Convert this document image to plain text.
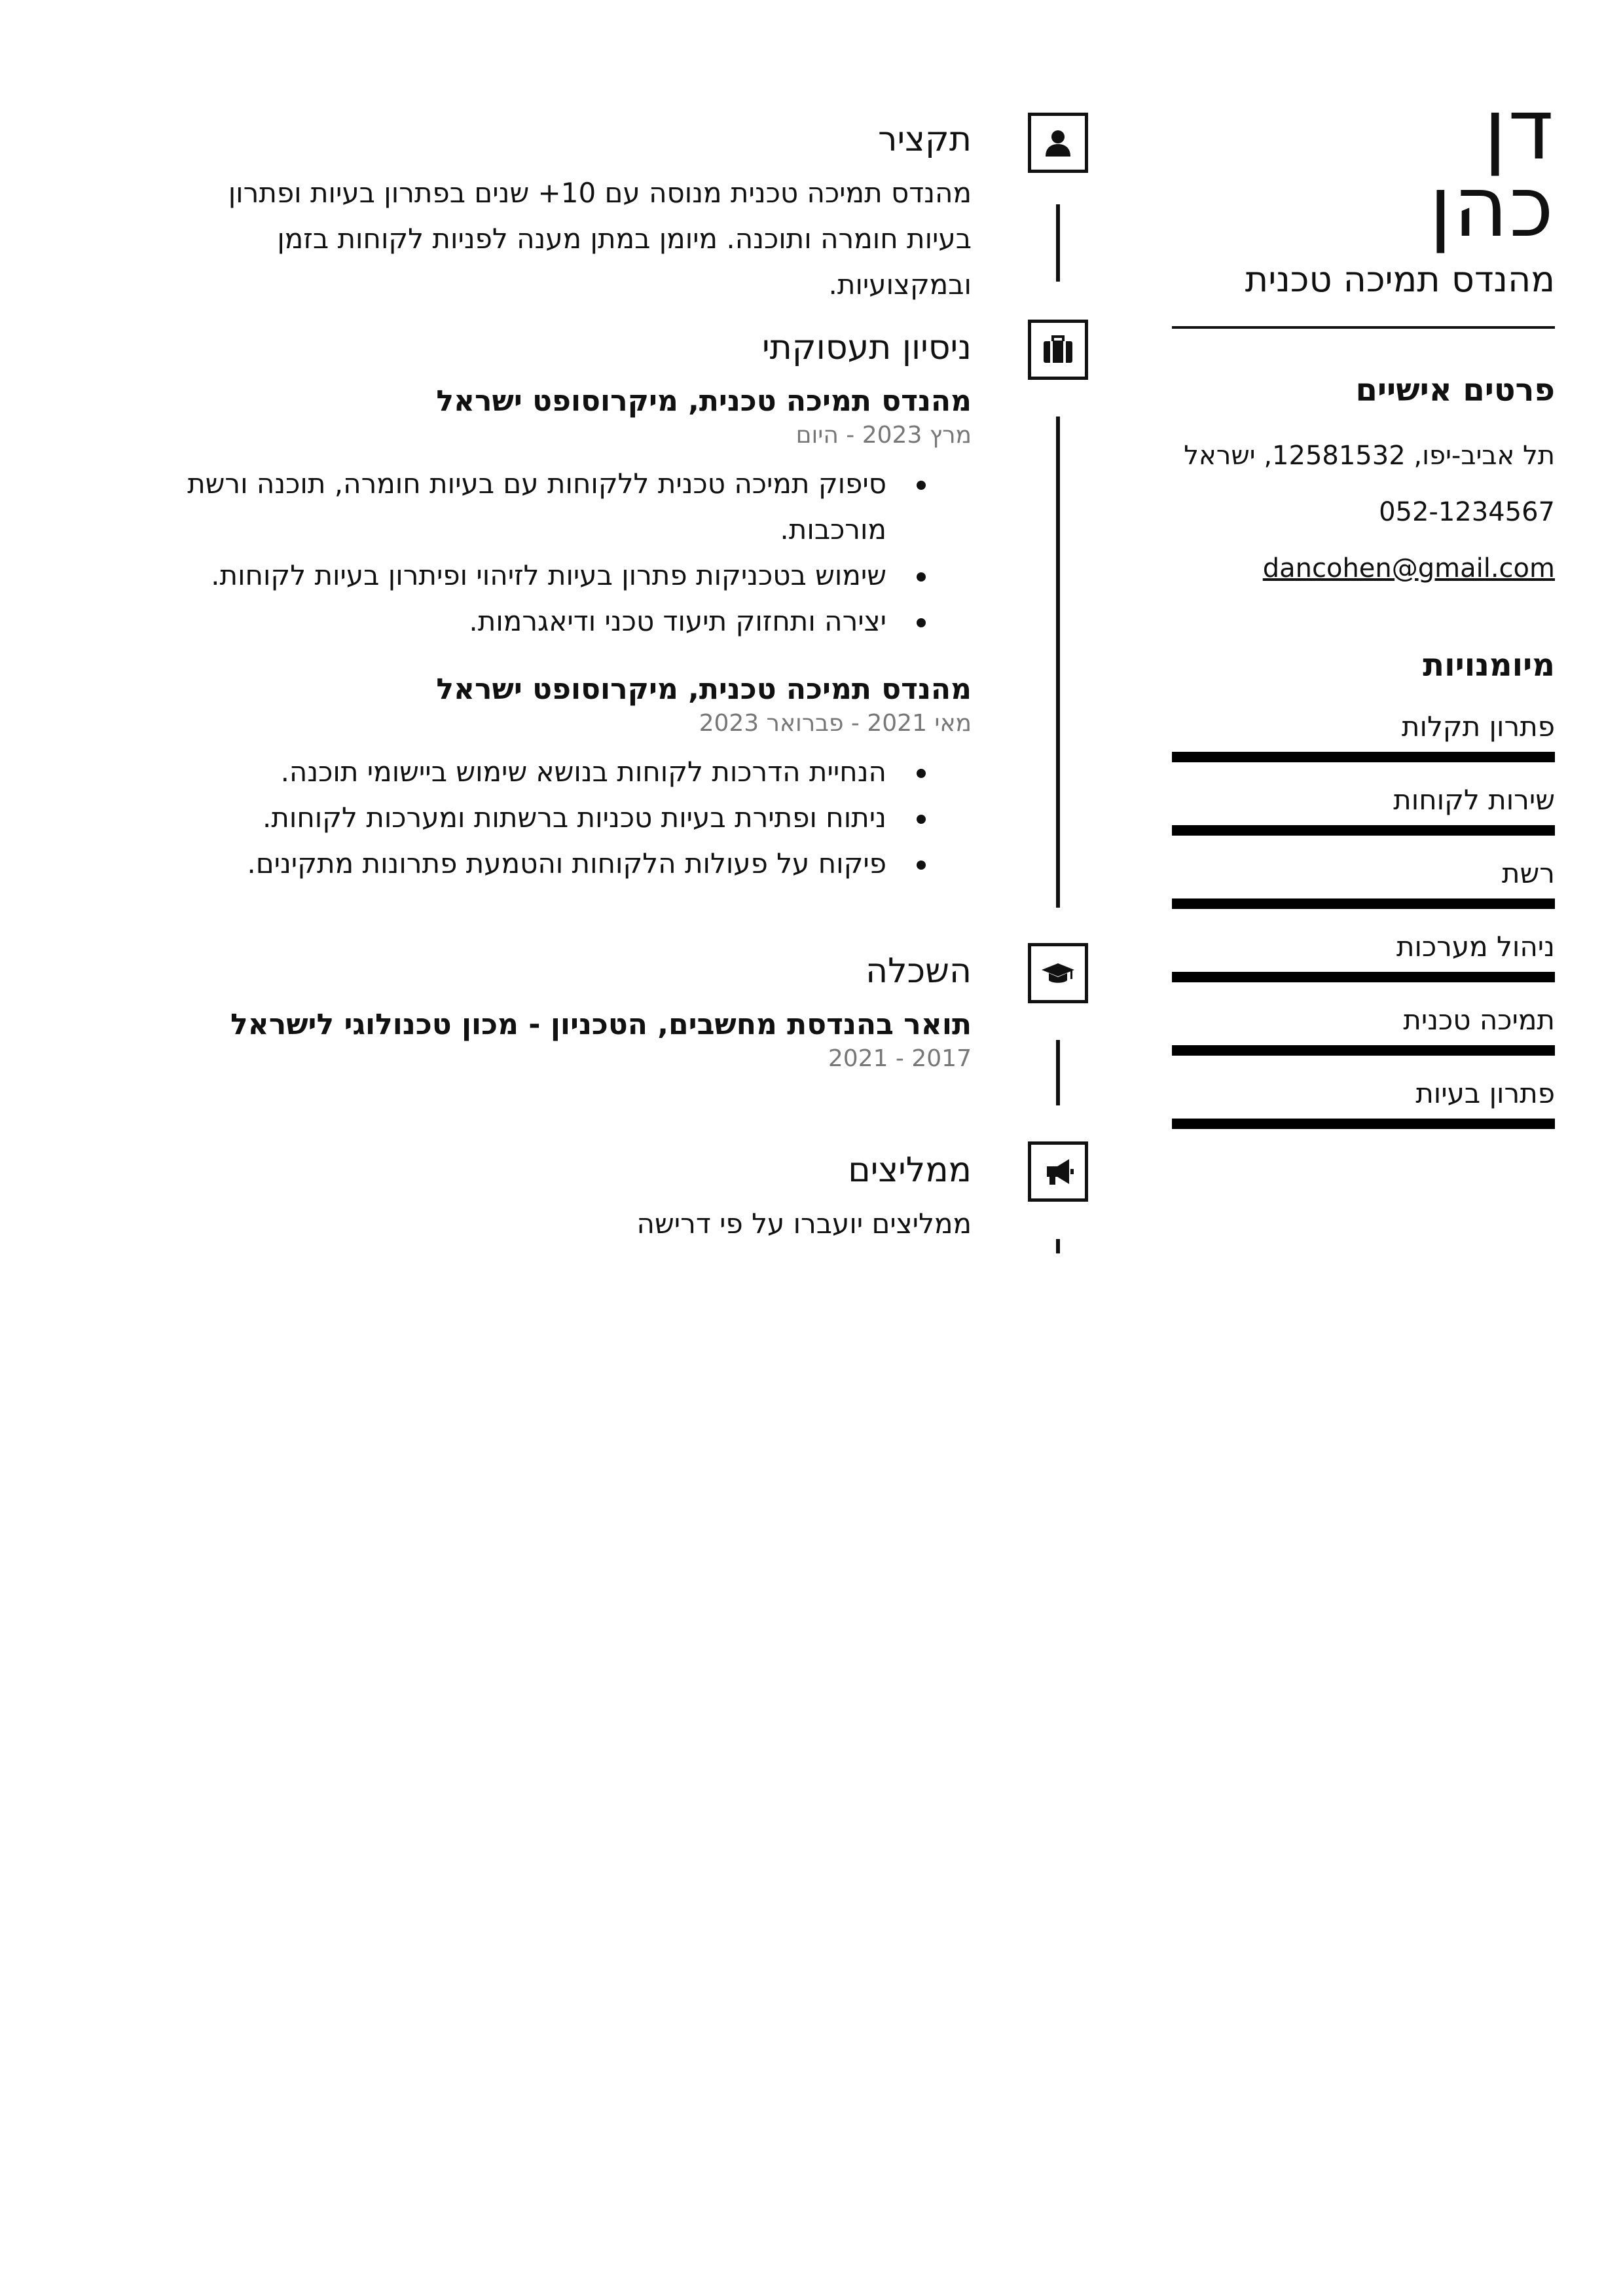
דן
כהן
מהנדס תמיכה טכנית
פרטים אישיים
תל אביב-יפו, 12581532, ישראל
052-1234567
dancohen@gmail.com
מיומנויות
פתרון תקלות
שירות לקוחות
רשת
ניהול מערכות
תמיכה טכנית
פתרון בעיות
תקציר
מהנדס תמיכה טכנית מנוסה עם 10+ שנים בפתרון בעיות ופתרון בעיות חומרה ותוכנה. מיומן במתן מענה לפניות לקוחות בזמן ובמקצועיות.
ניסיון תעסוקתי
מהנדס תמיכה טכנית, מיקרוסופט ישראל
מרץ 2023 - היום
סיפוק תמיכה טכנית ללקוחות עם בעיות חומרה, תוכנה ורשת מורכבות.
שימוש בטכניקות פתרון בעיות לזיהוי ופיתרון בעיות לקוחות.
יצירה ותחזוק תיעוד טכני ודיאגרמות.
מהנדס תמיכה טכנית, מיקרוסופט ישראל
מאי 2021 - פברואר 2023
הנחיית הדרכות לקוחות בנושא שימוש ביישומי תוכנה.
ניתוח ופתירת בעיות טכניות ברשתות ומערכות לקוחות.
פיקוח על פעולות הלקוחות והטמעת פתרונות מתקינים.
השכלה
תואר בהנדסת מחשבים, הטכניון - מכון טכנולוגי לישראל
2017 - 2021
ממליצים
ממליצים יועברו על פי דרישה
